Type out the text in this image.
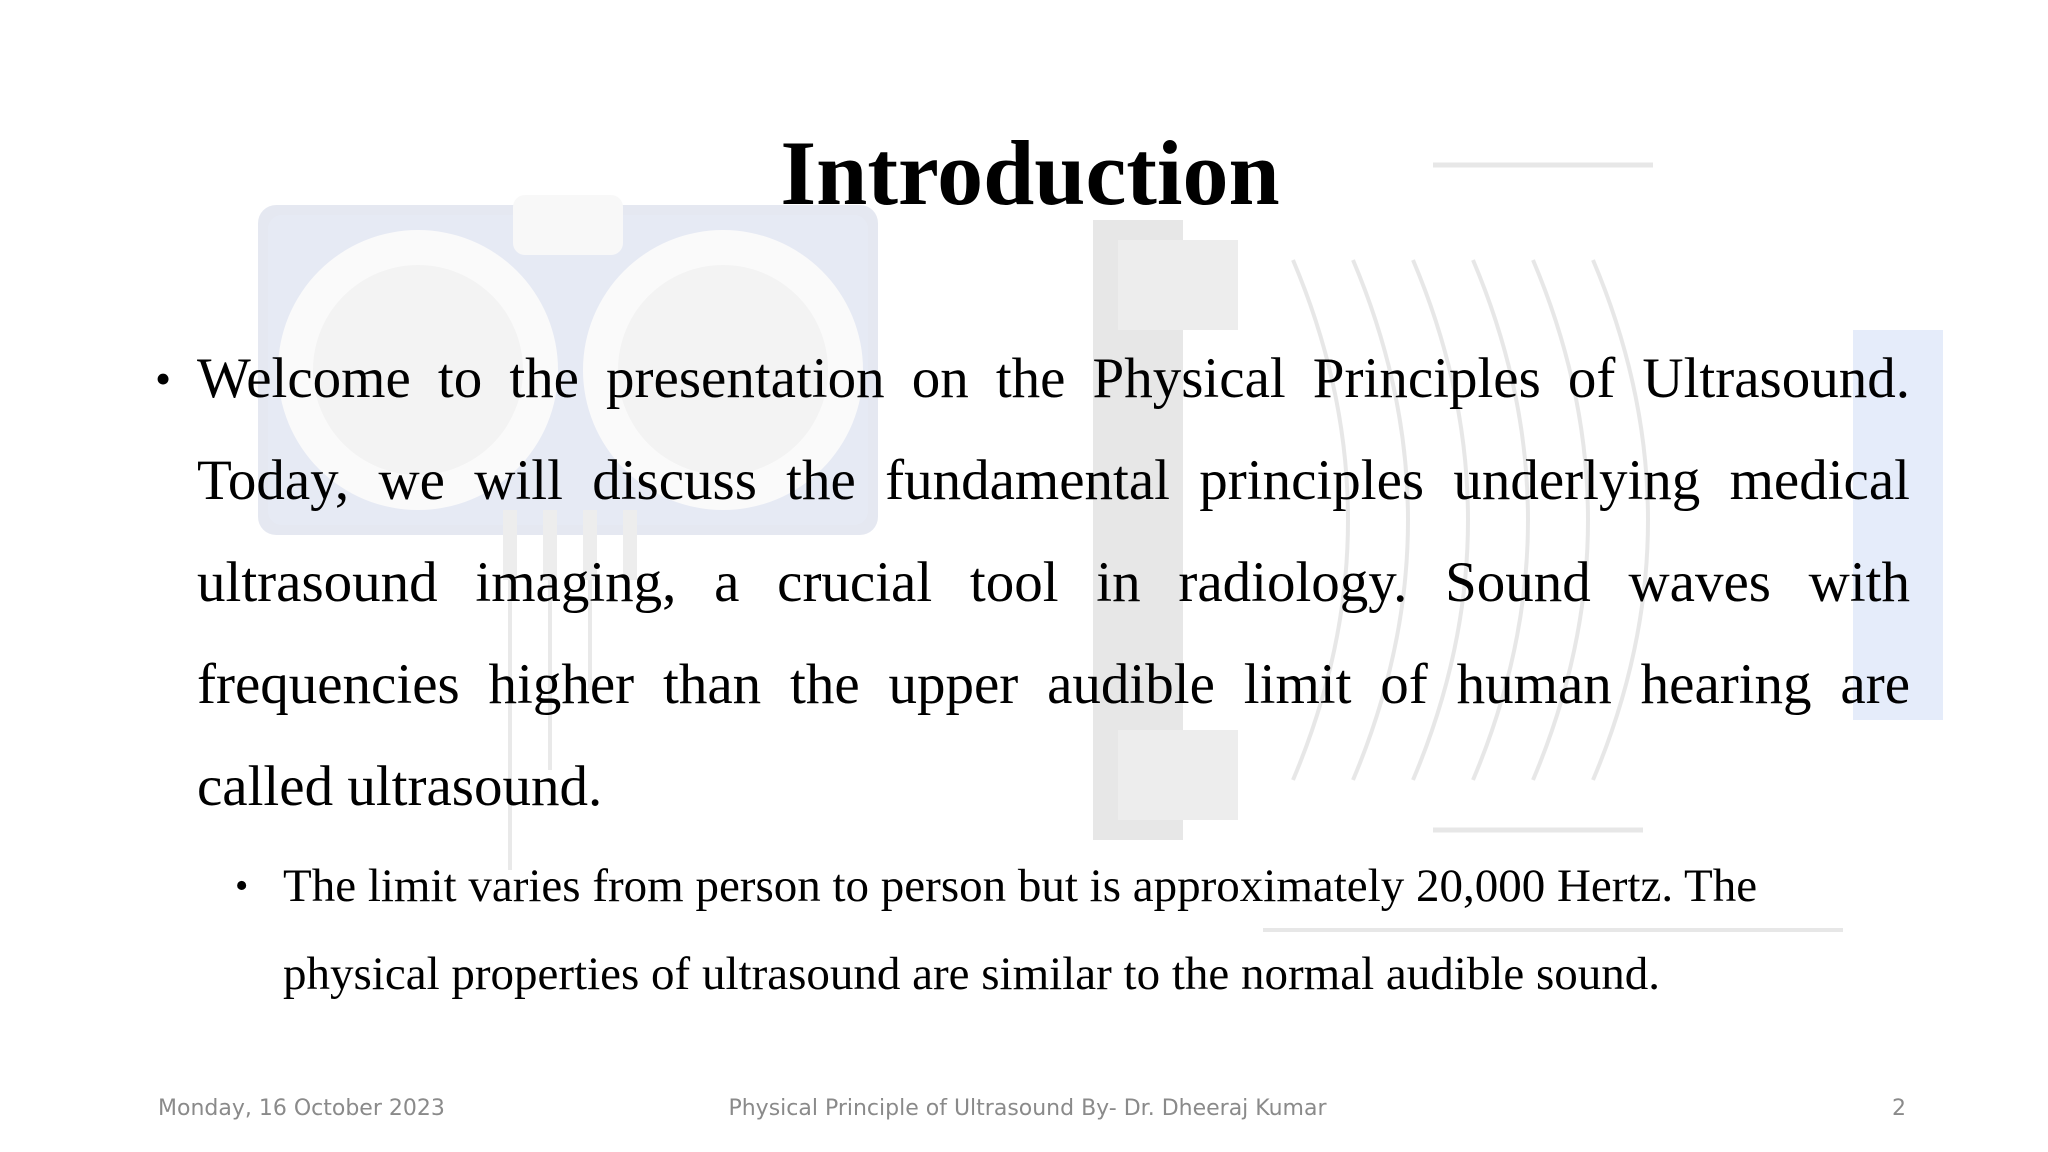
Introduction

• Welcome to the presentation on the Physical Principles of Ultrasound. Today, we will discuss the fundamental principles underlying medical ultrasound imaging, a crucial tool in radiology. Sound waves with frequencies higher than the upper audible limit of human hearing are called ultrasound.

• The limit varies from person to person but is approximately 20,000 Hertz. The physical properties of ultrasound are similar to the normal audible sound.

Monday, 16 October 2023	Physical Principle of Ultrasound By- Dr. Dheeraj Kumar	2
